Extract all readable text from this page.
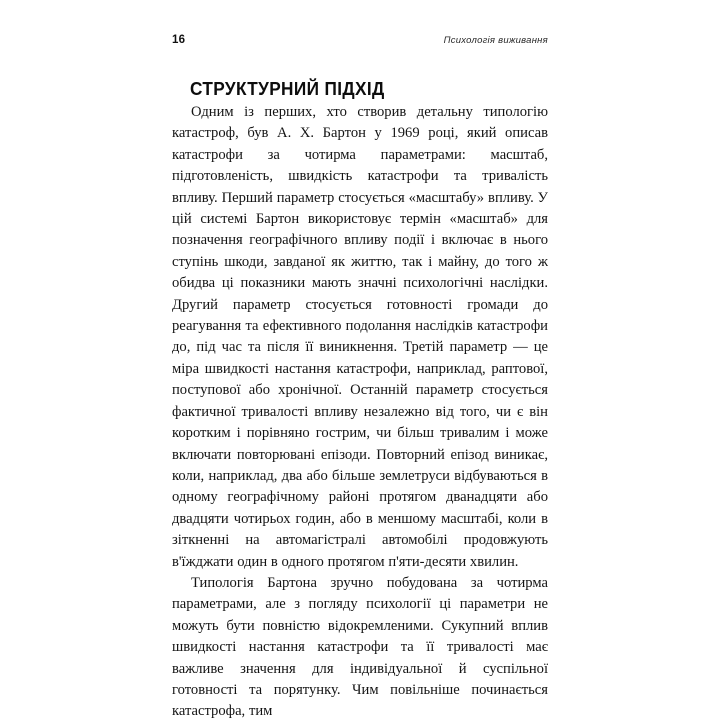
16	Психологія виживання
СТРУКТУРНИЙ ПІДХІД

Одним із перших, хто створив детальну типологію катастроф, був А. Х. Бартон у 1969 році, який описав катастрофи за чотирма параметрами: масштаб, підготовленість, швидкість катастрофи та тривалість впливу. Перший параметр стосується «масштабу» впливу. У цій системі Бартон використовує термін «масштаб» для позначення географічного впливу події і включає в нього ступінь шкоди, завданої як життю, так і майну, до того ж обидва ці показники мають значні психологічні наслідки. Другий параметр стосується готовності громади до реагування та ефективного подолання наслідків катастрофи до, під час та після її виникнення. Третій параметр — це міра швидкості настання катастрофи, наприклад, раптової, поступової або хронічної. Останній параметр стосується фактичної тривалості впливу незалежно від того, чи є він коротким і порівняно гострим, чи більш тривалим і може включати повторювані епізоди. Повторний епізод виникає, коли, наприклад, два або більше землетруси відбуваються в одному географічному районі протягом дванадцяти або двадцяти чотирьох годин, або в меншому масштабі, коли в зіткненні на автомагістралі автомобілі продовжують в'їжджати один в одного протягом п'яти-десяти хвилин.

Типологія Бартона зручно побудована за чотирма параметрами, але з погляду психології ці параметри не можуть бути повністю відокремленими. Сукупний вплив швидкості настання катастрофи та її тривалості має важливе значення для індивідуальної й суспільної готовності та порятунку. Чим повільніше починається катастрофа, тим
